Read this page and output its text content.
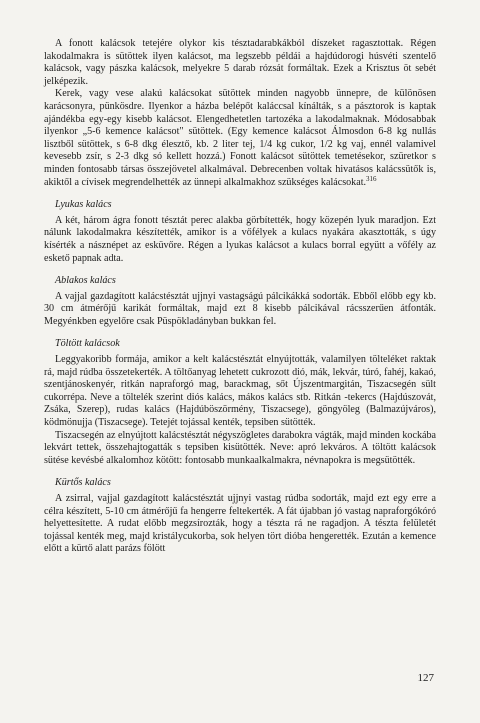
A fonott kalácsok tetejére olykor kis tésztadarabkákból díszeket ragasztottak. Régen lakodalmakra is sütöttek ilyen kalácsot, ma legszebb példái a hajdúdorogi húsvéti szentelő kalácsok, vagy pászka kalácsok, melyekre 5 darab rózsát formáltak. Ezek a Krisztus öt sebét jelképezik.

Kerek, vagy vese alakú kalácsokat sütöttek minden nagyobb ünnepre, de különösen karácsonyra, pünkösdre. Ilyenkor a házba belépőt kaláccsal kínálták, s a pásztorok is kaptak ajándékba egy-egy kisebb kalácsot. Elengedhetetlen tartozéka a lakodalmaknak. Módosabbak ilyenkor „5-6 kemence kalácsot" sütöttek. (Egy kemence kalácsot Álmosdon 6-8 kg nullás lisztből sütöttek, s 6-8 dkg élesztő, kb. 2 liter tej, 1/4 kg cukor, 1/2 kg vaj, ennél valamivel kevesebb zsír, s 2-3 dkg só kellett hozzá.) Fonott kalácsot sütöttek temetésekor, szüretkor s minden fontosabb társas összejövetel alkalmával. Debrecenben voltak hivatásos kalácssütők is, akiktől a cívisek megrendelhették az ünnepi alkalmakhoz szükséges kalácsokat.$^{316}$

Lyukas kalács

A két, három ágra fonott tésztát perec alakba görbítették, hogy közepén lyuk maradjon. Ezt nálunk lakodalmakra készítették, amikor is a vőfélyek a kulacs nyakára akasztották, s úgy kísérték a násznépet az esküvőre. Régen a lyukas kalácsot a kulacs borral együtt a vőfély az eskető papnak adta.

Ablakos kalács

A vajjal gazdagított kalácstésztát ujjnyi vastagságú pálcikákká sodorták. Ebből előbb egy kb. 30 cm átmérőjű karikát formáltak, majd ezt 8 kisebb pálcikával rácsszerűen átfonták. Megyénkben egyelőre csak Püspökladányban bukkan fel.

Töltött kalácsok

Leggyakoribb formája, amikor a kelt kalácstésztát elnyújtották, valamilyen tölteléket raktak rá, majd rúdba összetekerték. A töltőanyag lehetett cukrozott dió, mák, lekvár, túró, fahéj, kakaó, szentjánoskenyér, ritkán napraforgó mag, barackmag, sőt Újszentmargitán, Tiszacsegén sült cukorrépa. Neve a töltelék szerint diós kalács, mákos kalács stb. Ritkán -tekercs (Hajdúszovát, Zsáka, Szerep), rudas kalács (Hajdúböszörmény, Tiszacsege), göngyöleg (Balmazújváros), ködmönujja (Tiszacsege). Tetejét tojással kenték, tepsiben sütötték.

Tiszacsegén az elnyújtott kalácstésztát négyszögletes darabokra vágták, majd minden kockába lekvárt tettek, összehajtogatták s tepsiben kisütötték. Neve: apró lekváros. A töltött kalácsok sütése kevésbé alkalomhoz kötött: fontosabb munkaalkalmakra, névnapokra is megsütötték.

Kürtős kalács

A zsirral, vajjal gazdagított kalácstésztát ujjnyi vastag rúdba sodorták, majd ezt egy erre a célra készített, 5-10 cm átmérőjű fa hengerre feltekerték. A fát újabban jó vastag napraforgókóró helyettesítette. A rudat előbb megzsírozták, hogy a tészta rá ne ragadjon. A tészta felületét tojással kenték meg, majd kristálycukorba, sok helyen tört dióba hengerették. Ezután a kemence előtt a kürtő alatt parázs fölött

127
